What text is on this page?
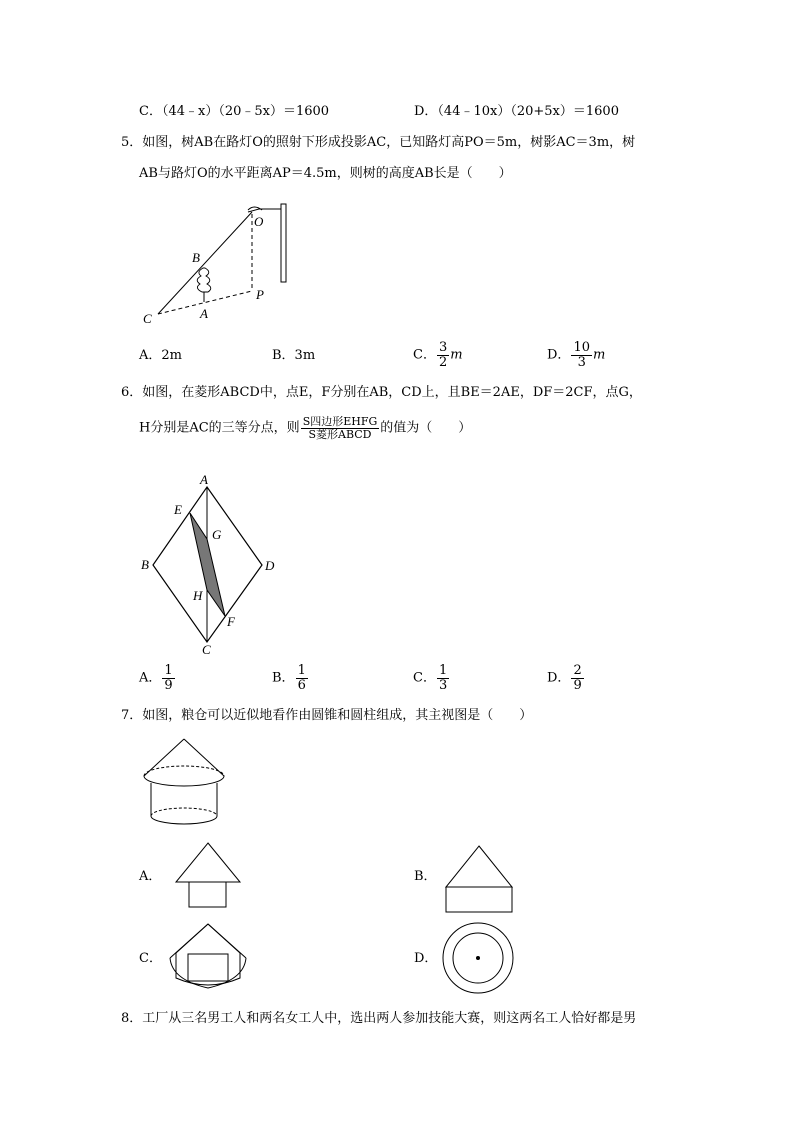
C．（44﹣x）（20﹣5x）＝1600	D．（44﹣10x）（20+5x）＝1600
5．如图，树AB在路灯O的照射下形成投影AC，已知路灯高PO＝5m，树影AC＝3m，树
AB与路灯O的水平距离AP＝4.5m，则树的高度AB长是（　　）
O
B
P
C	A
A．2m	B．3m	C． $\frac{3}{2}$ m	D． $\frac{10}{3}$ m
6．如图，在菱形ABCD中，点E，F分别在AB，CD上，且BE＝2AE，DF＝2CF，点G，
H分别是AC的三等分点，则 $\frac{\text{S四边形EHFG}}{\text{S菱形ABCD}}$ 的值为（　　）
A
E
G
B	D
H
F
C
A． $\frac{1}{9}$	B． $\frac{1}{6}$	C． $\frac{1}{3}$	D． $\frac{2}{9}$
7．如图，粮仓可以近似地看作由圆锥和圆柱组成，其主视图是（　　）
A．	B．
C．	D．
8．工厂从三名男工人和两名女工人中，选出两人参加技能大赛，则这两名工人恰好都是男
